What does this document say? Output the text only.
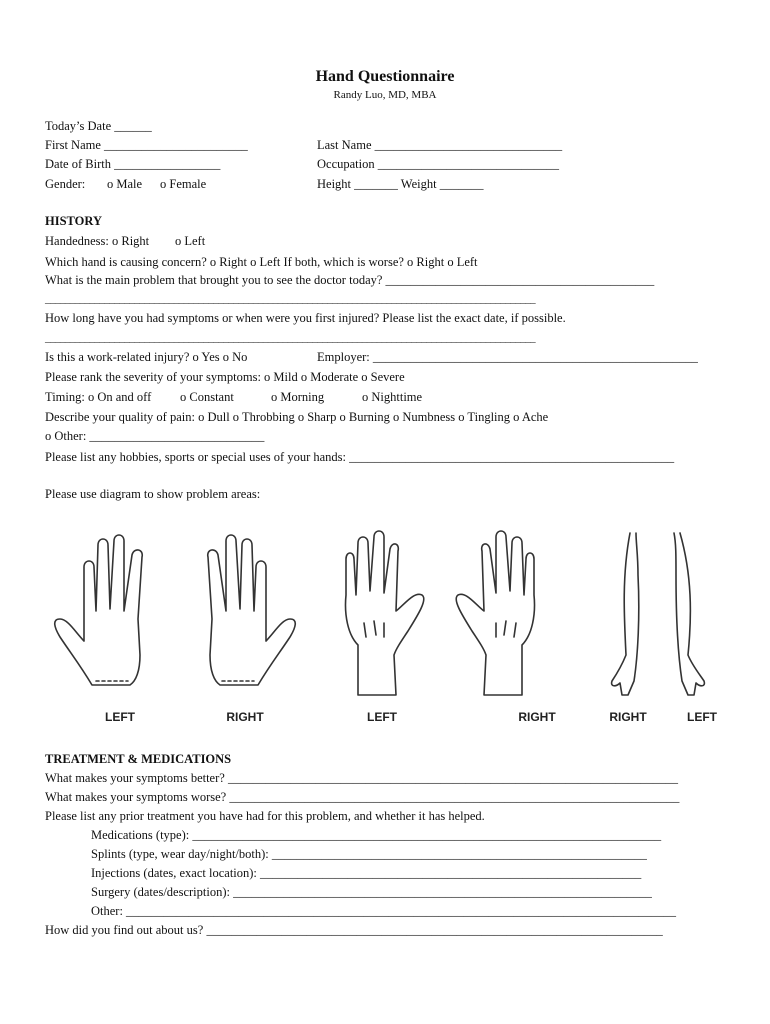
Hand Questionnaire
Randy Luo, MD, MBA
Today’s Date ______
First Name _______________________	Last Name ______________________________
Date of Birth _________________	Occupation _____________________________
Gender: o Male o Female	Height _______ Weight _______
HISTORY
Handedness: o Right o Left
Which hand is causing concern? o Right o Left If both, which is worse? o Right o Left
What is the main problem that brought you to see the doctor today? ___________________________________________
___________________________________________________________________________________________________
How long have you had symptoms or when were you first injured? Please list the exact date, if possible.
___________________________________________________________________________________________________
Is this a work-related injury? o Yes o No	Employer: ____________________________________________________
Please rank the severity of your symptoms: o Mild o Moderate o Severe
Timing: o On and off o Constant	o Morning	o Nighttime
Describe your quality of pain: o Dull o Throbbing o Sharp o Burning o Numbness o Tingling o Ache
o Other: ____________________________
Please list any hobbies, sports or special uses of your hands: ____________________________________________________
Please use diagram to show problem areas:
LEFT	RIGHT	LEFT	RIGHT	RIGHT	LEFT
TREATMENT & MEDICATIONS
What makes your symptoms better? ________________________________________________________________________
What makes your symptoms worse? ________________________________________________________________________
Please list any prior treatment you have had for this problem, and whether it has helped.
Medications (type): ___________________________________________________________________________
Splints (type, wear day/night/both): ____________________________________________________________
Injections (dates, exact location): _____________________________________________________________
Surgery (dates/description): ___________________________________________________________________
Other: ________________________________________________________________________________________
How did you find out about us? _________________________________________________________________________
